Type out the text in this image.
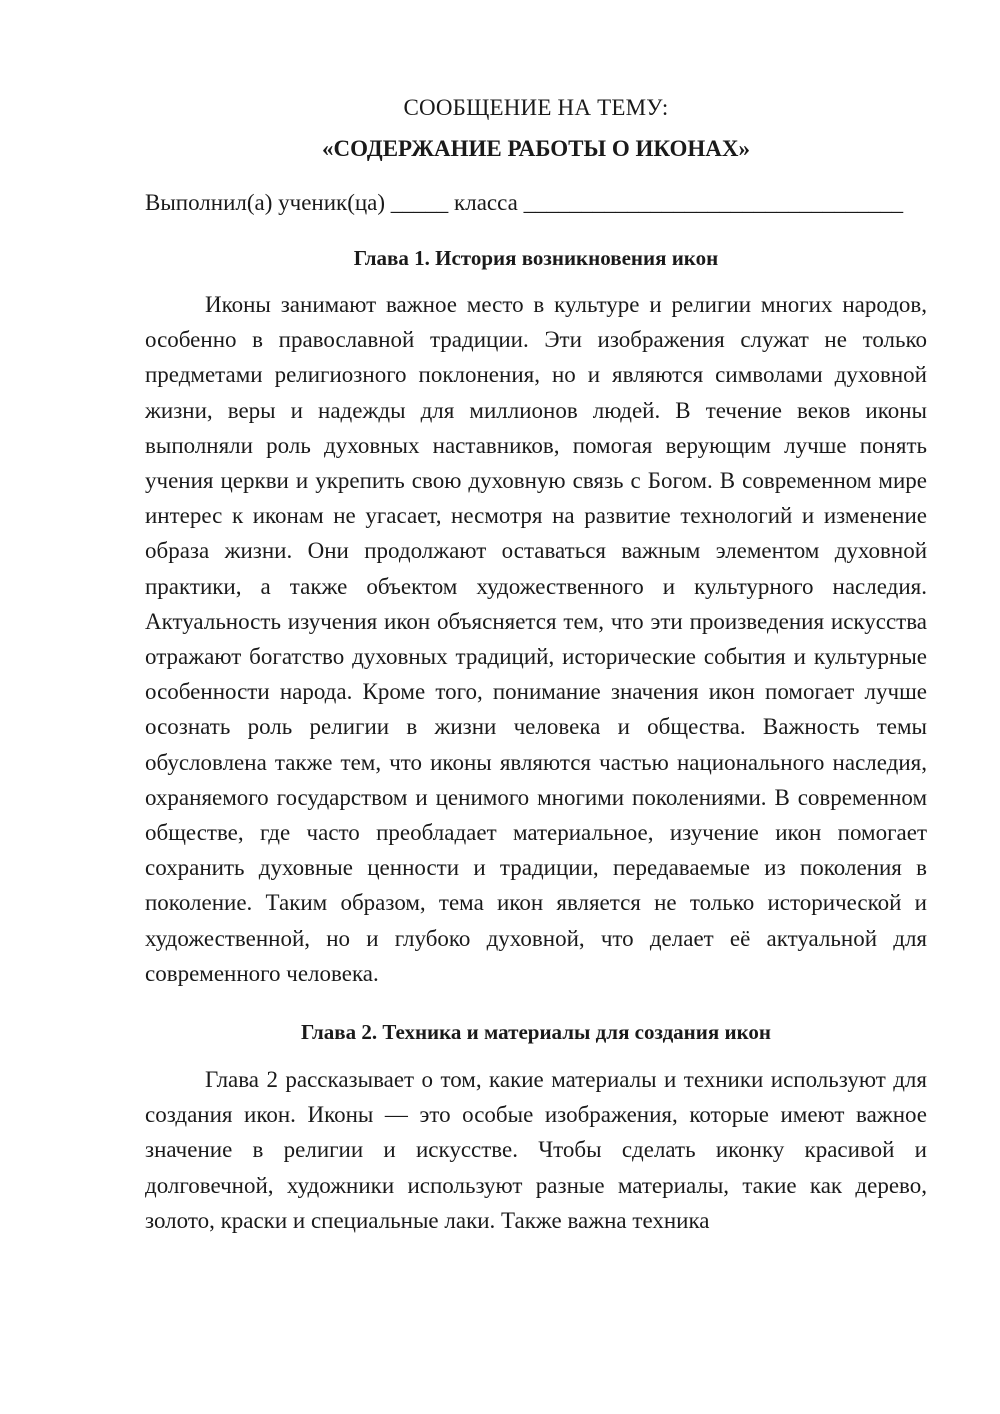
СООБЩЕНИЕ НА ТЕМУ:
«СОДЕРЖАНИЕ РАБОТЫ О ИКОНАХ»

Выполнил(а) ученик(ца) _____ класса _________________________________

Глава 1. История возникновения икон

Иконы занимают важное место в культуре и религии многих народов, особенно в православной традиции. Эти изображения служат не только предметами религиозного поклонения, но и являются символами духовной жизни, веры и надежды для миллионов людей. В течение веков иконы выполняли роль духовных наставников, помогая верующим лучше понять учения церкви и укрепить свою духовную связь с Богом. В современном мире интерес к иконам не угасает, несмотря на развитие технологий и изменение образа жизни. Они продолжают оставаться важным элементом духовной практики, а также объектом художественного и культурного наследия. Актуальность изучения икон объясняется тем, что эти произведения искусства отражают богатство духовных традиций, исторические события и культурные особенности народа. Кроме того, понимание значения икон помогает лучше осознать роль религии в жизни человека и общества. Важность темы обусловлена также тем, что иконы являются частью национального наследия, охраняемого государством и ценимого многими поколениями. В современном обществе, где часто преобладает материальное, изучение икон помогает сохранить духовные ценности и традиции, передаваемые из поколения в поколение. Таким образом, тема икон является не только исторической и художественной, но и глубоко духовной, что делает её актуальной для современного человека.

Глава 2. Техника и материалы для создания икон

Глава 2 рассказывает о том, какие материалы и техники используют для создания икон. Иконы — это особые изображения, которые имеют важное значение в религии и искусстве. Чтобы сделать иконку красивой и долговечной, художники используют разные материалы, такие как дерево, золото, краски и специальные лаки. Также важна техника
